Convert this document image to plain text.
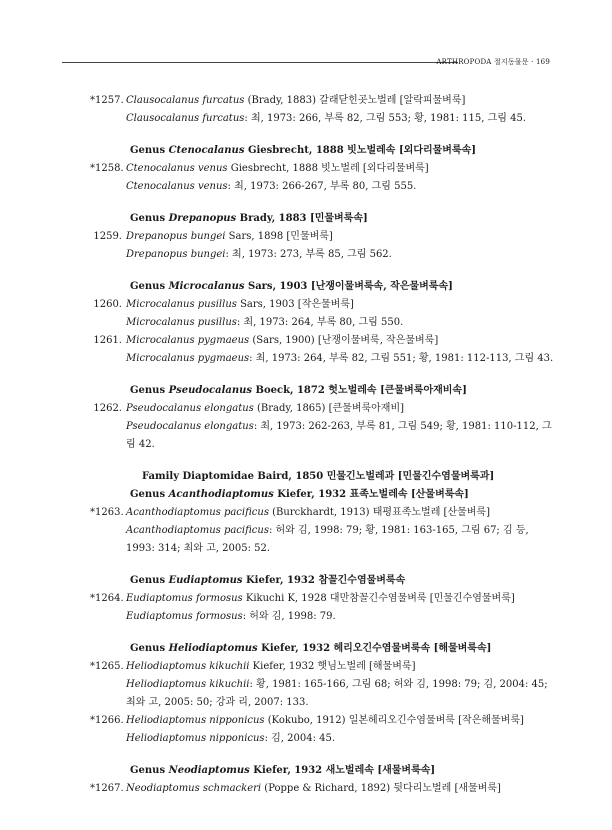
ARTHROPODA 절지동물문 · 169
*1257. Clausocalanus furcatus (Brady, 1883) 갈래닫힌곳노벌레 [알락피물벼룩]
Clausocalanus furcatus: 최, 1973: 266, 부록 82, 그림 553; 황, 1981: 115, 그림 45.
Genus Ctenocalanus Giesbrecht, 1888 빗노벌레속 [외다리물벼룩속]
*1258. Ctenocalanus venus Giesbrecht, 1888 빗노벌레 [외다리물벼룩]
Ctenocalanus venus: 최, 1973: 266-267, 부록 80, 그림 555.
Genus Drepanopus Brady, 1883 [민물벼룩속]
1259. Drepanopus bungei Sars, 1898 [민물벼룩]
Drepanopus bungei: 최, 1973: 273, 부록 85, 그림 562.
Genus Microcalanus Sars, 1903 [난쟁이물벼룩속, 작은물벼룩속]
1260. Microcalanus pusillus Sars, 1903 [작은물벼룩]
Microcalanus pusillus: 최, 1973: 264, 부록 80, 그림 550.
1261. Microcalanus pygmaeus (Sars, 1900) [난쟁이물벼룩, 작은물벼룩]
Microcalanus pygmaeus: 최, 1973: 264, 부록 82, 그림 551; 황, 1981: 112-113, 그림 43.
Genus Pseudocalanus Boeck, 1872 헛노벌레속 [큰물벼룩아재비속]
1262. Pseudocalanus elongatus (Brady, 1865) [큰물벼룩아재비]
Pseudocalanus elongatus: 최, 1973: 262-263, 부록 81, 그림 549; 황, 1981: 110-112, 그림 42.
Family Diaptomidae Baird, 1850 민물긴노벌레과 [민물긴수염물벼룩과]
Genus Acanthodiaptomus Kiefer, 1932 표족노벌레속 [산물벼룩속]
*1263. Acanthodiaptomus pacificus (Burckhardt, 1913) 태평표족노벌레 [산물벼룩]
Acanthodiaptomus pacificus: 허와 김, 1998: 79; 황, 1981: 163-165, 그림 67; 김 등, 1993: 314; 최와 고, 2005: 52.
Genus Eudiaptomus Kiefer, 1932 참꼴긴수염물벼룩속
*1264. Eudiaptomus formosus Kikuchi K, 1928 대만참꼴긴수염물벼룩 [민물긴수염물벼룩]
Eudiaptomus formosus: 허와 김, 1998: 79.
Genus Heliodiaptomus Kiefer, 1932 헤리오긴수염물벼룩속 [해물벼룩속]
*1265. Heliodiaptomus kikuchii Kiefer, 1932 햇님노벌레 [해물벼룩]
Heliodiaptomus kikuchii: 황, 1981: 165-166, 그림 68; 허와 김, 1998: 79; 김, 2004: 45; 최와 고, 2005: 50; 강과 리, 2007: 133.
*1266. Heliodiaptomus nipponicus (Kokubo, 1912) 일본헤리오긴수염물벼룩 [작은해물벼룩]
Heliodiaptomus nipponicus: 김, 2004: 45.
Genus Neodiaptomus Kiefer, 1932 새노벌레속 [새물벼룩속]
*1267. Neodiaptomus schmackeri (Poppe & Richard, 1892) 뒷다리노벌레 [새물벼룩]
